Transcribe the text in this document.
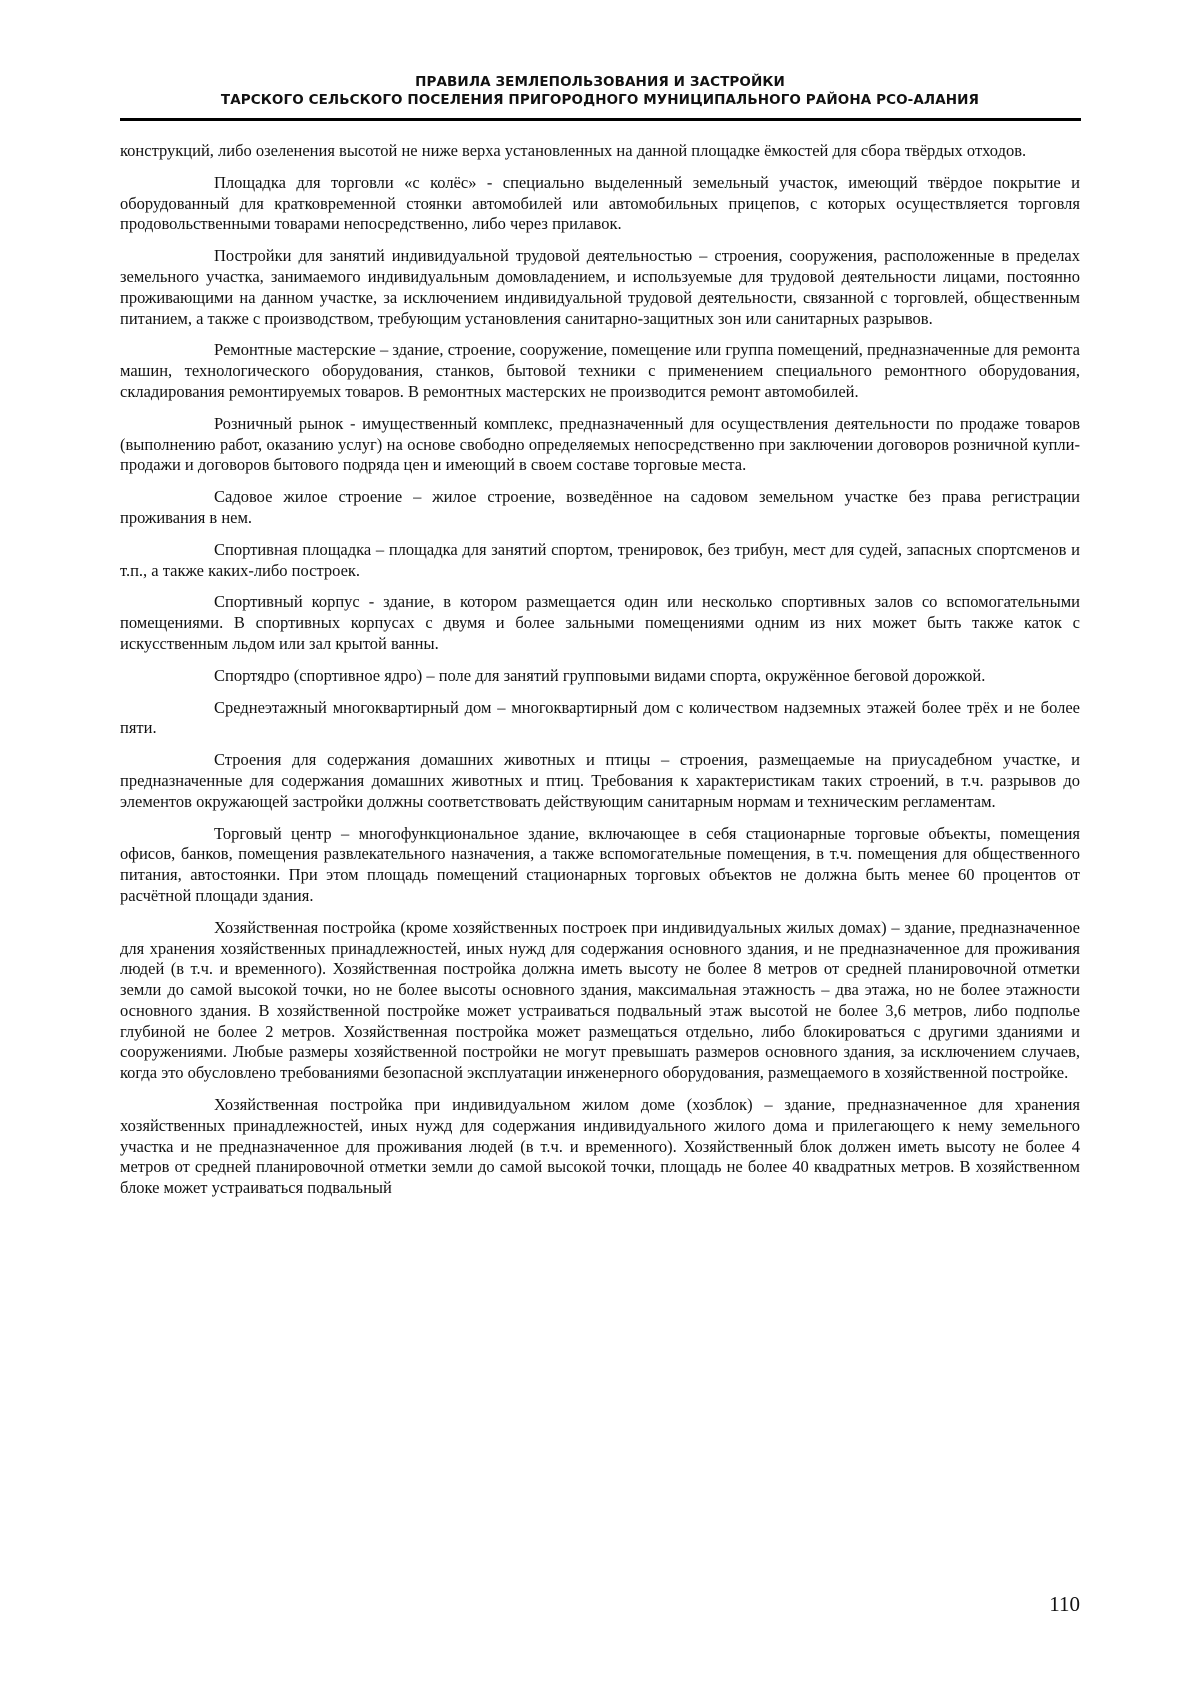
ПРАВИЛА ЗЕМЛЕПОЛЬЗОВАНИЯ И ЗАСТРОЙКИ
ТАРСКОГО СЕЛЬСКОГО ПОСЕЛЕНИЯ ПРИГОРОДНОГО МУНИЦИПАЛЬНОГО РАЙОНА РСО-АЛАНИЯ

конструкций, либо озеленения высотой не ниже верха установленных на данной площадке ёмкостей для сбора твёрдых отходов.

Площадка для торговли «с колёс» - специально выделенный земельный участок, имеющий твёрдое покрытие и оборудованный для кратковременной стоянки автомобилей или автомобильных прицепов, с которых осуществляется торговля продовольственными товарами непосредственно, либо через прилавок.

Постройки для занятий индивидуальной трудовой деятельностью – строения, сооружения, расположенные в пределах земельного участка, занимаемого индивидуальным домовладением, и используемые для трудовой деятельности лицами, постоянно проживающими на данном участке, за исключением индивидуальной трудовой деятельности, связанной с торговлей, общественным питанием, а также с производством, требующим установления санитарно-защитных зон или санитарных разрывов.

Ремонтные мастерские – здание, строение, сооружение, помещение или группа помещений, предназначенные для ремонта машин, технологического оборудования, станков, бытовой техники с применением специального ремонтного оборудования, складирования ремонтируемых товаров. В ремонтных мастерских не производится ремонт автомобилей.

Розничный рынок - имущественный комплекс, предназначенный для осуществления деятельности по продаже товаров (выполнению работ, оказанию услуг) на основе свободно определяемых непосредственно при заключении договоров розничной купли-продажи и договоров бытового подряда цен и имеющий в своем составе торговые места.

Садовое жилое строение – жилое строение, возведённое на садовом земельном участке без права регистрации проживания в нем.

Спортивная площадка – площадка для занятий спортом, тренировок, без трибун, мест для судей, запасных спортсменов и т.п., а также каких-либо построек.

Спортивный корпус - здание, в котором размещается один или несколько спортивных залов со вспомогательными помещениями. В спортивных корпусах с двумя и более зальными помещениями одним из них может быть также каток с искусственным льдом или зал крытой ванны.

Спортядро (спортивное ядро) – поле для занятий групповыми видами спорта, окружённое беговой дорожкой.

Среднеэтажный многоквартирный дом – многоквартирный дом с количеством надземных этажей более трёх и не более пяти.

Строения для содержания домашних животных и птицы – строения, размещаемые на приусадебном участке, и предназначенные для содержания домашних животных и птиц. Требования к характеристикам таких строений, в т.ч. разрывов до элементов окружающей застройки должны соответствовать действующим санитарным нормам и техническим регламентам.

Торговый центр – многофункциональное здание, включающее в себя стационарные торговые объекты, помещения офисов, банков, помещения развлекательного назначения, а также вспомогательные помещения, в т.ч. помещения для общественного питания, автостоянки. При этом площадь помещений стационарных торговых объектов не должна быть менее 60 процентов от расчётной площади здания.

Хозяйственная постройка (кроме хозяйственных построек при индивидуальных жилых домах) – здание, предназначенное для хранения хозяйственных принадлежностей, иных нужд для содержания основного здания, и не предназначенное для проживания людей (в т.ч. и временного). Хозяйственная постройка должна иметь высоту не более 8 метров от средней планировочной отметки земли до самой высокой точки, но не более высоты основного здания, максимальная этажность – два этажа, но не более этажности основного здания. В хозяйственной постройке может устраиваться подвальный этаж высотой не более 3,6 метров, либо подполье глубиной не более 2 метров. Хозяйственная постройка может размещаться отдельно, либо блокироваться с другими зданиями и сооружениями. Любые размеры хозяйственной постройки не могут превышать размеров основного здания, за исключением случаев, когда это обусловлено требованиями безопасной эксплуатации инженерного оборудования, размещаемого в хозяйственной постройке.

Хозяйственная постройка при индивидуальном жилом доме (хозблок) – здание, предназначенное для хранения хозяйственных принадлежностей, иных нужд для содержания индивидуального жилого дома и прилегающего к нему земельного участка и не предназначенное для проживания людей (в т.ч. и временного). Хозяйственный блок должен иметь высоту не более 4 метров от средней планировочной отметки земли до самой высокой точки, площадь не более 40 квадратных метров. В хозяйственном блоке может устраиваться подвальный

110
